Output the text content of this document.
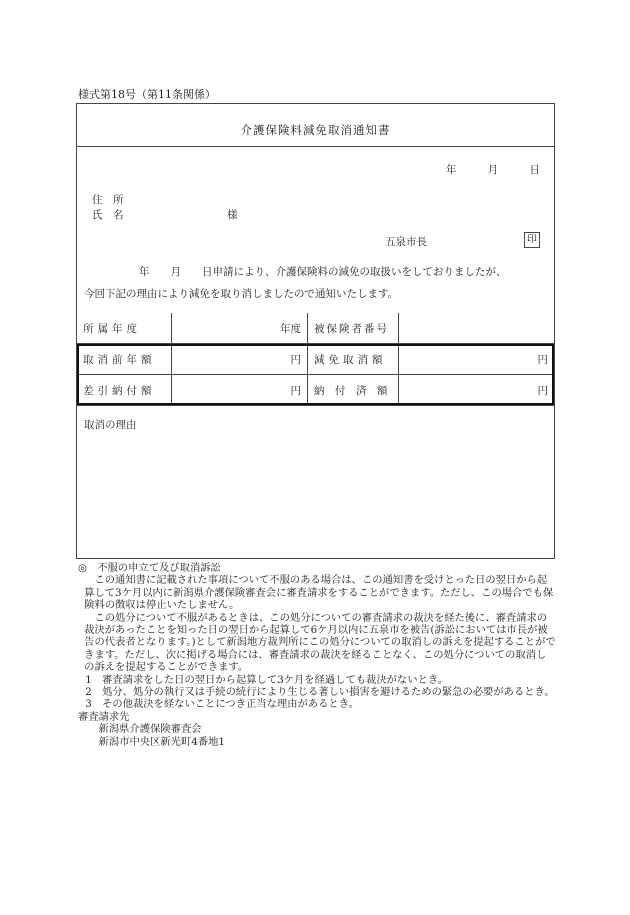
様式第18号（第11条関係）
介護保険料減免取消通知書
年	月	日
住　所
氏　名	様
五泉市長	印
年　　月　　日申請により、介護保険料の減免の取扱いをしておりましたが、
今回下記の理由により減免を取り消しましたので通知いたします。
所属年度	年度	被保険者番号	
取消前年額	円	減免取消額	円
差引納付額	円	納　付　済　額	円
取消の理由

◎　不服の申立て及び取消訴訟

この通知書に記載された事項について不服のある場合は、この通知書を受けとった日の翌日から起算して3ケ月以内に新潟県介護保険審査会に審査請求をすることができます。ただし、この場合でも保険料の徴収は停止いたしません。

この処分について不服があるときは、この処分についての審査請求の裁決を経た後に、審査請求の裁決があったことを知った日の翌日から起算して6ケ月以内に五泉市を被告(訴訟においては市長が被告の代表者となります。)として新潟地方裁判所にこの処分についての取消しの訴えを提起することができます。ただし、次に掲げる場合には、審査請求の裁決を経ることなく、この処分についての取消しの訴えを提起することができます。

1　審査請求をした日の翌日から起算して3ケ月を経過しても裁決がないとき。

2　処分、処分の執行又は手続の続行により生じる著しい損害を避けるための緊急の必要があるとき。

3　その他裁決を経ないことにつき正当な理由があるとき。

審査請求先

新潟県介護保険審査会

新潟市中央区新光町4番地1
